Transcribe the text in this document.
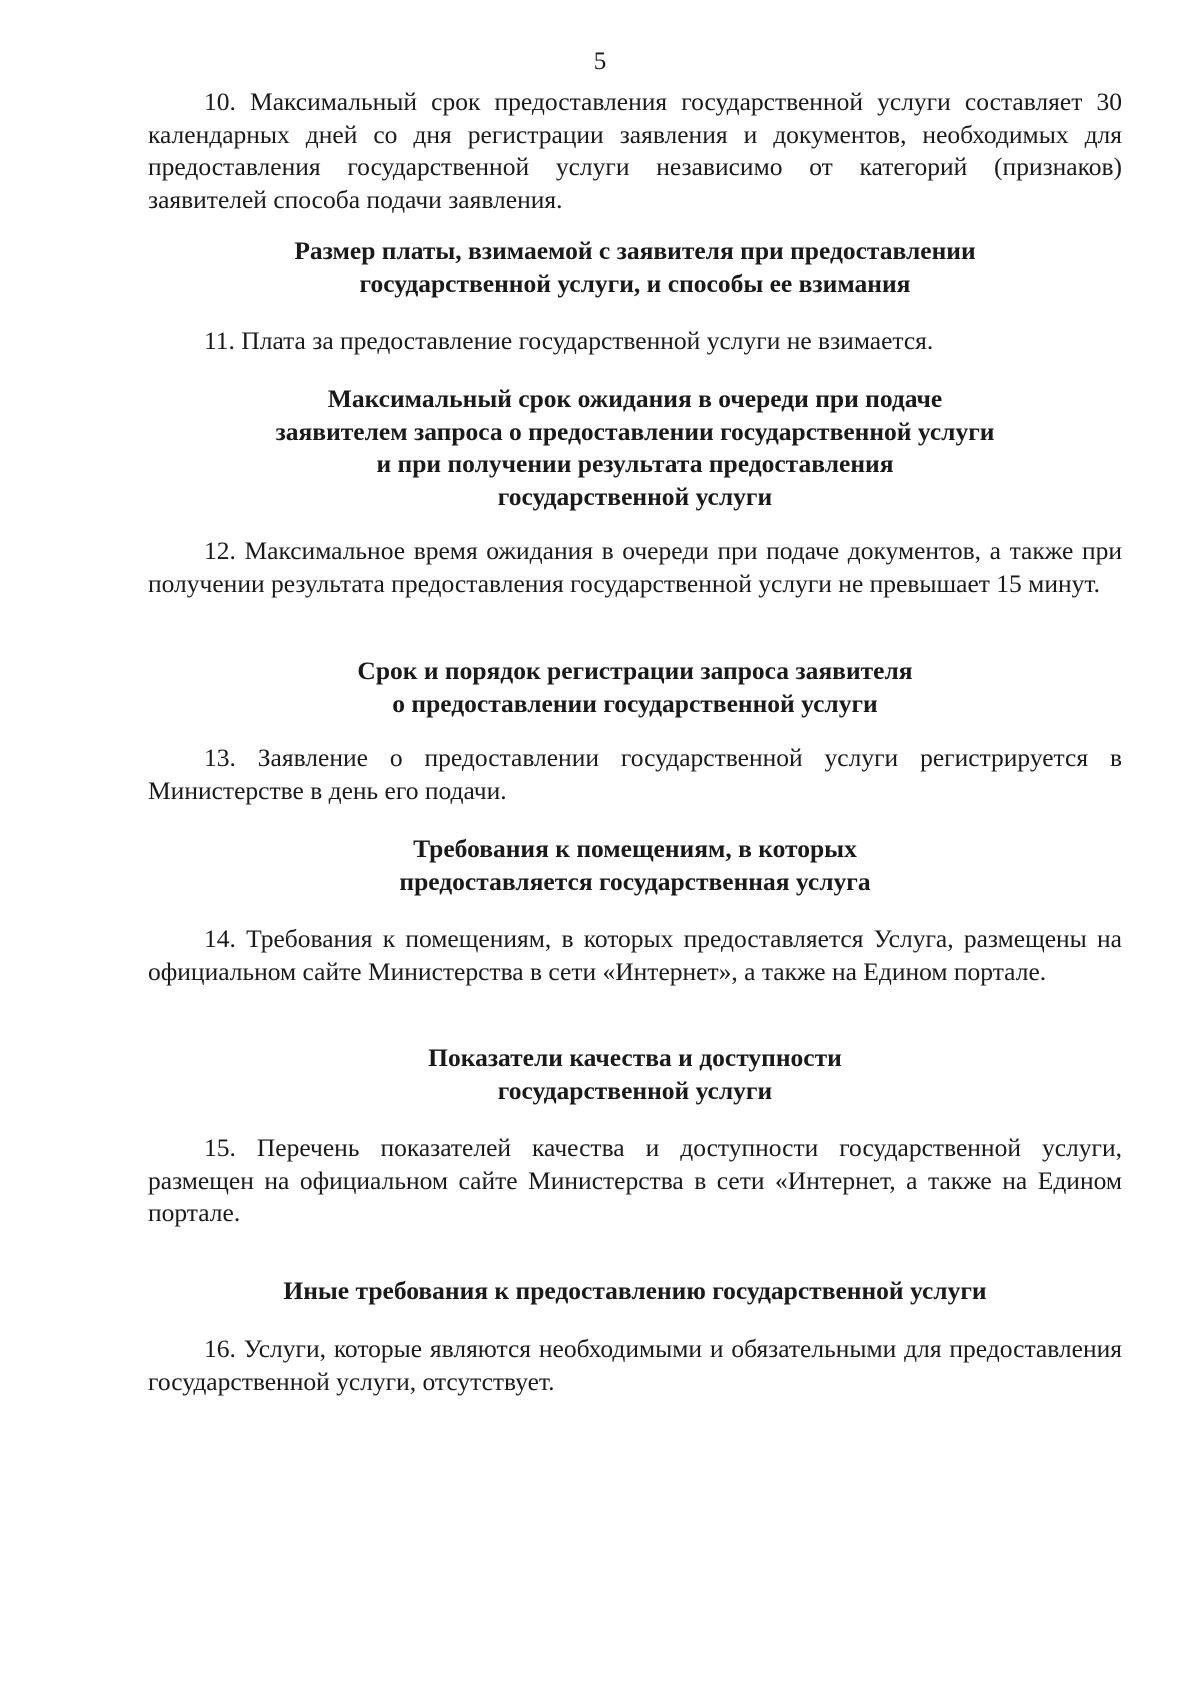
5

10. Максимальный срок предоставления государственной услуги составляет 30 календарных дней со дня регистрации заявления и документов, необходимых для предоставления государственной услуги независимо от категорий (признаков) заявителей способа подачи заявления.

Размер платы, взимаемой с заявителя при предоставлении
государственной услуги, и способы ее взимания

11. Плата за предоставление государственной услуги не взимается.

Максимальный срок ожидания в очереди при подаче
заявителем запроса о предоставлении государственной услуги
и при получении результата предоставления
государственной услуги

12. Максимальное время ожидания в очереди при подаче документов, а также при получении результата предоставления государственной услуги не превышает 15 минут.

Срок и порядок регистрации запроса заявителя
о предоставлении государственной услуги

13. Заявление о предоставлении государственной услуги регистрируется в Министерстве в день его подачи.

Требования к помещениям, в которых
предоставляется государственная услуга

14. Требования к помещениям, в которых предоставляется Услуга, размещены на официальном сайте Министерства в сети «Интернет», а также на Едином портале.

Показатели качества и доступности
государственной услуги

15. Перечень показателей качества и доступности государственной услуги, размещен на официальном сайте Министерства в сети «Интернет, а также на Едином портале.

Иные требования к предоставлению государственной услуги

16. Услуги, которые являются необходимыми и обязательными для предоставления государственной услуги, отсутствует.
